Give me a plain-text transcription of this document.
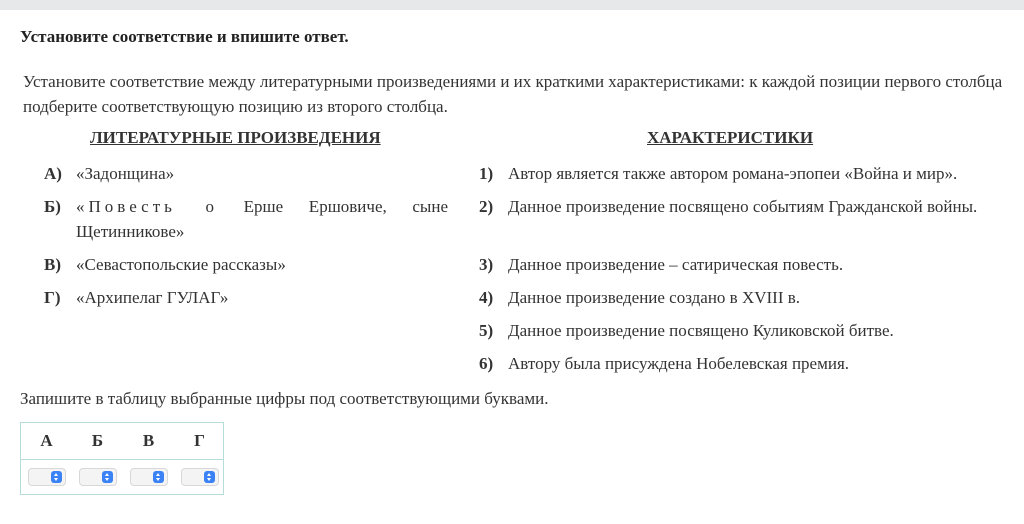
Установите соответствие и впишите ответ.
Установите соответствие между литературными произведениями и их краткими характеристиками: к каждой позиции первого столбца подберите соответствующую позицию из второго столбца.
ЛИТЕРАТУРНЫЕ ПРОИЗВЕДЕНИЯ	ХАРАКТЕРИСТИКИ
А) «Задонщина»
Б) «Повесть о Ерше Ершовиче, сыне Щетинникове»
В) «Севастопольские рассказы»
Г) «Архипелаг ГУЛАГ»
1) Автор является также автором романа-эпопеи «Война и мир».
2) Данное произведение посвящено событиям Гражданской войны.
3) Данное произведение – сатирическая повесть.
4) Данное произведение создано в XVIII в.
5) Данное произведение посвящено Куликовской битве.
6) Автору была присуждена Нобелевская премия.
Запишите в таблицу выбранные цифры под соответствующими буквами.
А	Б	В	Г
